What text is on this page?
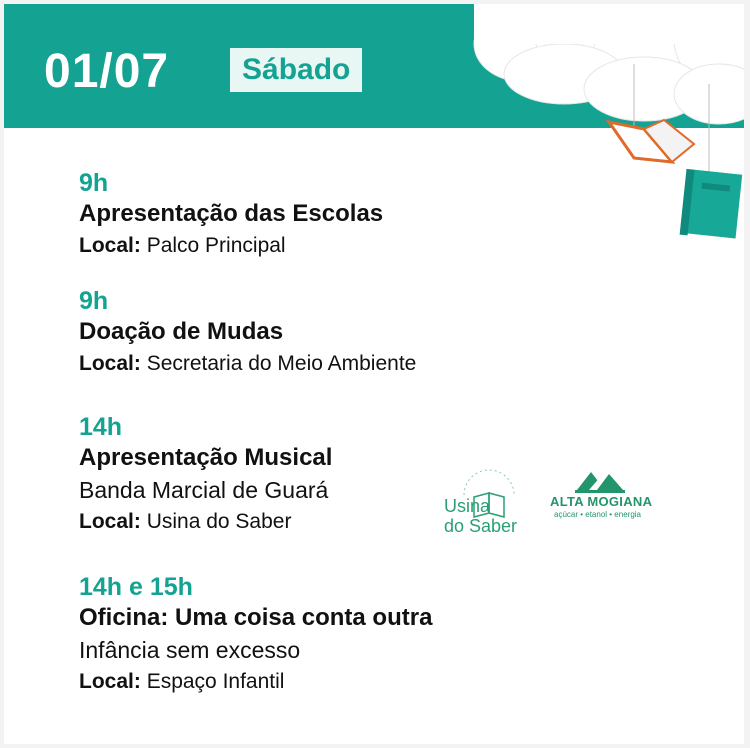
01/07	Sábado
9h
Apresentação das Escolas
Local: Palco Principal
9h
Doação de Mudas
Local: Secretaria do Meio Ambiente
14h
Apresentação Musical
Banda Marcial de Guará
Local: Usina do Saber
14h e 15h
Oficina: Uma coisa conta outra
Infância sem excesso
Local: Espaço Infantil
Usina
do Saber
ALTA MOGIANA
açúcar • etanol • energia
